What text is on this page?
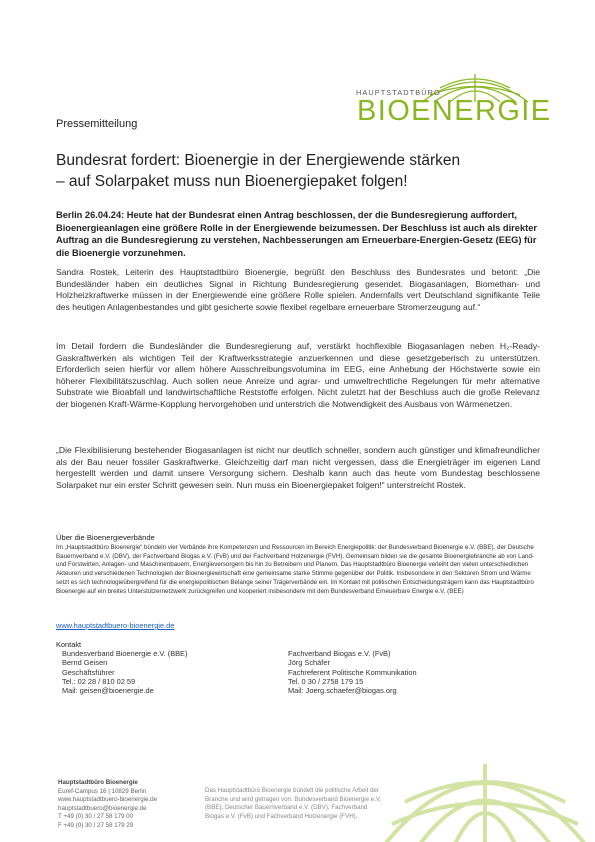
HAUPTSTADTBÜRO
BIOENERGIE
Pressemitteilung
Bundesrat fordert: Bioenergie in der Energiewende stärken
– auf Solarpaket muss nun Bioenergiepaket folgen!

Berlin 26.04.24: Heute hat der Bundesrat einen Antrag beschlossen, der die Bundesregierung auffordert, Bioenergieanlagen eine größere Rolle in der Energiewende beizumessen. Der Beschluss ist auch als direkter Auftrag an die Bundesregierung zu verstehen, Nachbesserungen am Erneuerbare-Energien-Gesetz (EEG) für die Bioenergie vorzunehmen.

Sandra Rostek, Leiterin des Hauptstadtbüro Bioenergie, begrüßt den Beschluss des Bundesrates und betont: „Die Bundesländer haben ein deutliches Signal in Richtung Bundesregierung gesendet. Biogasanlagen, Biomethan- und Holzheizkraftwerke müssen in der Energiewende eine größere Rolle spielen. Andernfalls vert Deutschland signifikante Teile des heutigen Anlagenbestandes und gibt gesicherte sowie flexibel regelbare erneuerbare Stromerzeugung auf.“

Im Detail fordern die Bundesländer die Bundesregierung auf, verstärkt hochflexible Biogasanlagen neben H₂-Ready-Gaskraftwerken als wichtigen Teil der Kraftwerksstrategie anzuerkennen und diese gesetzgeberisch zu unterstützen. Erforderlich seien hierfür vor allem höhere Ausschreibungsvolumina im EEG, eine Anhebung der Höchstwerte sowie ein höherer Flexibilitätszuschlag. Auch sollen neue Anreize und agrar- und umweltrechtliche Regelungen für mehr alternative Substrate wie Bioabfall und landwirtschaftliche Reststoffe erfolgen. Nicht zuletzt hat der Beschluss auch die große Relevanz der biogenen Kraft-Wärme-Kopplung hervorgehoben und unterstrich die Notwendigkeit des Ausbaus von Wärmenetzen.

„Die Flexibilisierung bestehender Biogasanlagen ist nicht nur deutlich schneller, sondern auch günstiger und klimafreundlicher als der Bau neuer fossiler Gaskraftwerke. Gleichzeitig darf man nicht vergessen, dass die Energieträger im eigenen Land hergestellt werden und damit unsere Versorgung sichern. Deshalb kann auch das heute vom Bundestag beschlossene Solarpaket nur ein erster Schritt gewesen sein. Nun muss ein Bioenergiepaket folgen!“ unterstreicht Rostek.

Über die Bioenergieverbände

Im „Hauptstadtbüro Bioenergie“ bündeln vier Verbände ihre Kompetenzen und Ressourcen im Bereich Energiepolitik: der Bundesverband Bioenergie e.V. (BBE), der Deutsche Bauernverband e.V. (DBV), der Fachverband Biogas e.V. (FvB) und der Fachverband Holzenergie (FVH). Gemeinsam bilden sie die gesamte Bioenergiebranche ab von Land- und Forstwirten, Anlagen- und Maschinenbauern, Energieversorgern bis hin zu Betreibern und Planern. Das Hauptstadtbüro Bioenergie verleiht den vielen unterschiedlichen Akteuren und verschiedenen Technologien der Bioenergiewirtschaft eine gemeinsame starke Stimme gegenüber der Politik. Insbesondere in den Sektoren Strom und Wärme setzt es sich technologieübergreifend für die energiepolitischen Belange seiner Trägerverbände ein. Im Kontakt mit politischen Entscheidungsträgern kann das Hauptstadtbüro Bioenergie auf ein breites Unterstützernetzwerk zurückgreifen und kooperiert insbesondere mit dem Bundesverband Erneuerbare Energie e.V. (BEE)

www.hauptstadtbuero-bioenergie.de
Kontakt
Bundesverband Bioenergie e.V. (BBE)
Bernd Geisen
Geschäftsführer
Tel.: 02 28 / 810 02 59
Mail: geisen@bioenergie.de
Fachverband Biogas e.V. (FvB)
Jörg Schäfer
Fachreferent Politische Kommunikation
Tel. 0 30 / 2758 179 15
Mail: Joerg.schaefer@biogas.org
Hauptstadtbüro Bioenergie
Euref-Campus 16 | 10829 Berlin
www.hauptstadtbuero-bioenergie.de
hauptstadtbuero@bioenergie.de
T +49 (0) 30 / 27 58 179 00
F +49 (0) 30 / 27 58 179 29
Das Hauptstadtbüro Bioenergie bündelt die politische Arbeit der Branche und wird getragen von: Bundesverband Bioenergie e.V. (BBE), Deutscher Bauernverband e.V. (DBV), Fachverband Biogas e.V. (FvB) und Fachverband Holzenergie (FVH).
